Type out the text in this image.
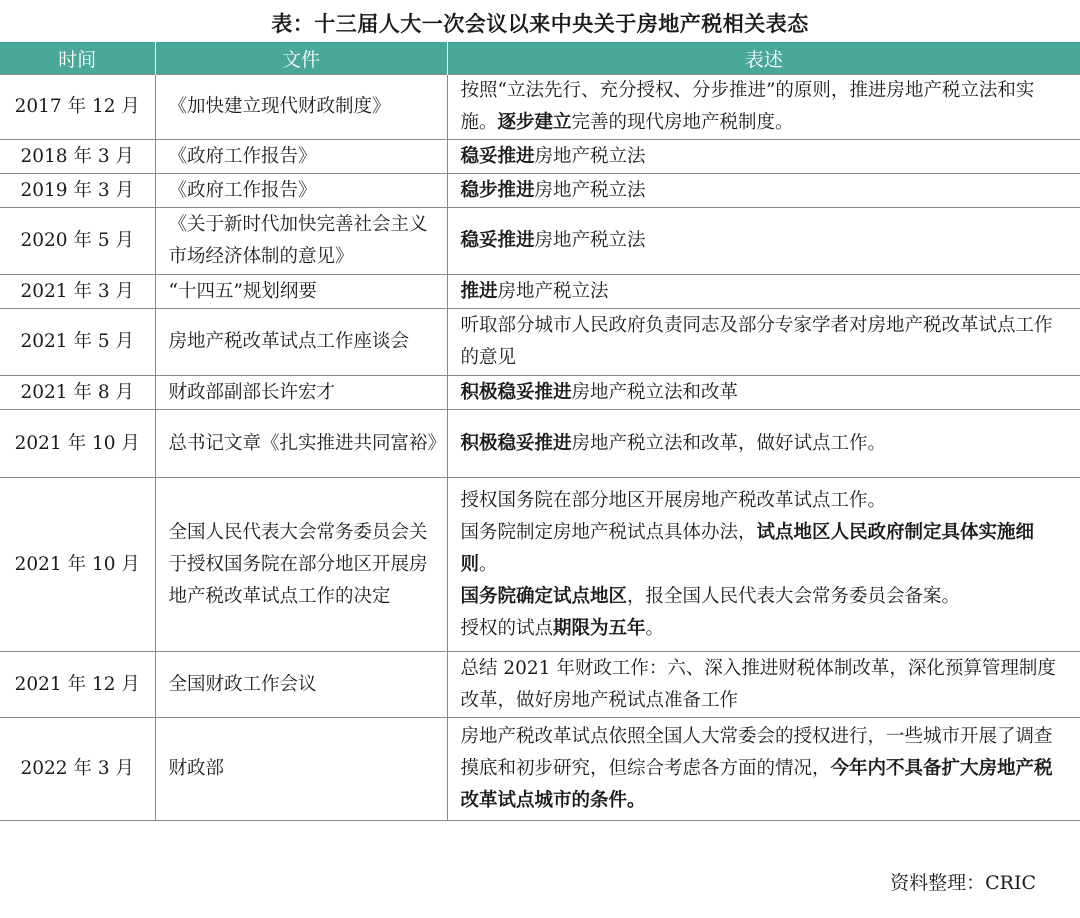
表：十三届人大一次会议以来中央关于房地产税相关表态
时间	文件	表述
2017 年 12 月	《加快建立现代财政制度》	按照“立法先行、充分授权、分步推进”的原则，推进房地产税立法和实施。逐步建立完善的现代房地产税制度。

2018 年 3 月	《政府工作报告》	稳妥推进房地产税立法

2019 年 3 月	《政府工作报告》	稳步推进房地产税立法

2020 年 5 月	《关于新时代加快完善社会主义市场经济体制的意见》	稳妥推进房地产税立法

2021 年 3 月	“十四五”规划纲要	推进房地产税立法

2021 年 5 月	房地产税改革试点工作座谈会	听取部分城市人民政府负责同志及部分专家学者对房地产税改革试点工作的意见

2021 年 8 月	财政部副部长许宏才	积极稳妥推进房地产税立法和改革

2021 年 10 月	总书记文章《扎实推进共同富裕》	积极稳妥推进房地产税立法和改革，做好试点工作。

2021 年 10 月	全国人民代表大会常务委员会关于授权国务院在部分地区开展房地产税改革试点工作的决定	授权国务院在部分地区开展房地产税改革试点工作。
国务院制定房地产税试点具体办法，试点地区人民政府制定具体实施细则。
国务院确定试点地区，报全国人民代表大会常务委员会备案。
授权的试点期限为五年。

2021 年 12 月	全国财政工作会议	总结 2021 年财政工作：六、深入推进财税体制改革，深化预算管理制度改革，做好房地产税试点准备工作

2022 年 3 月	财政部	房地产税改革试点依照全国人大常委会的授权进行，一些城市开展了调查摸底和初步研究，但综合考虑各方面的情况，今年内不具备扩大房地产税改革试点城市的条件。
资料整理：CRIC
